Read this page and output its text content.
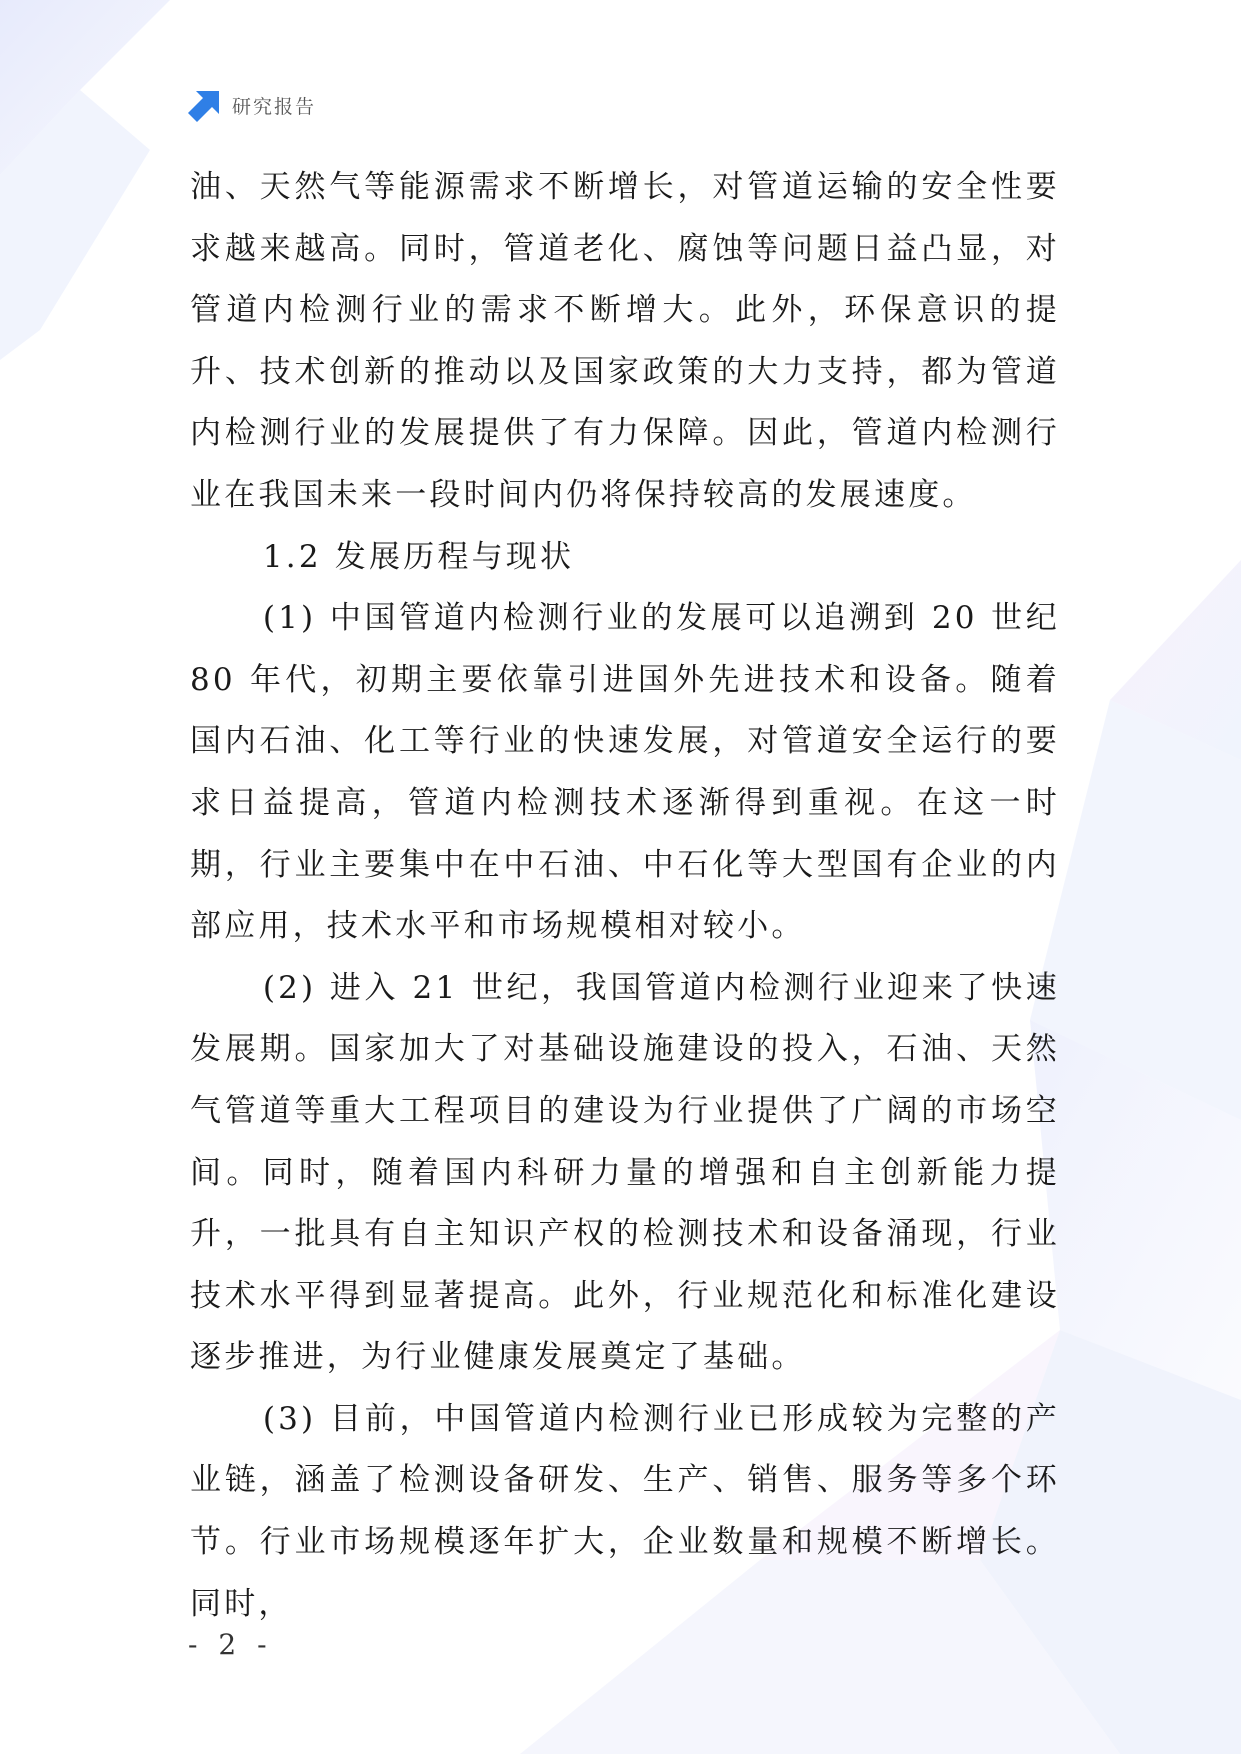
研究报告

油、天然气等能源需求不断增长，对管道运输的安全性要求越来越高。同时，管道老化、腐蚀等问题日益凸显，对管道内检测行业的需求不断增大。此外，环保意识的提升、技术创新的推动以及国家政策的大力支持，都为管道内检测行业的发展提供了有力保障。因此，管道内检测行业在我国未来一段时间内仍将保持较高的发展速度。

1.2 发展历程与现状

(1) 中国管道内检测行业的发展可以追溯到 20 世纪 80 年代，初期主要依靠引进国外先进技术和设备。随着国内石油、化工等行业的快速发展，对管道安全运行的要求日益提高，管道内检测技术逐渐得到重视。在这一时期，行业主要集中在中石油、中石化等大型国有企业的内部应用，技术水平和市场规模相对较小。

(2) 进入 21 世纪，我国管道内检测行业迎来了快速发展期。国家加大了对基础设施建设的投入，石油、天然气管道等重大工程项目的建设为行业提供了广阔的市场空间。同时，随着国内科研力量的增强和自主创新能力提升，一批具有自主知识产权的检测技术和设备涌现，行业技术水平得到显著提高。此外，行业规范化和标准化建设逐步推进，为行业健康发展奠定了基础。

(3) 目前，中国管道内检测行业已形成较为完整的产业链，涵盖了检测设备研发、生产、销售、服务等多个环节。行业市场规模逐年扩大，企业数量和规模不断增长。同时，

- 2 -
